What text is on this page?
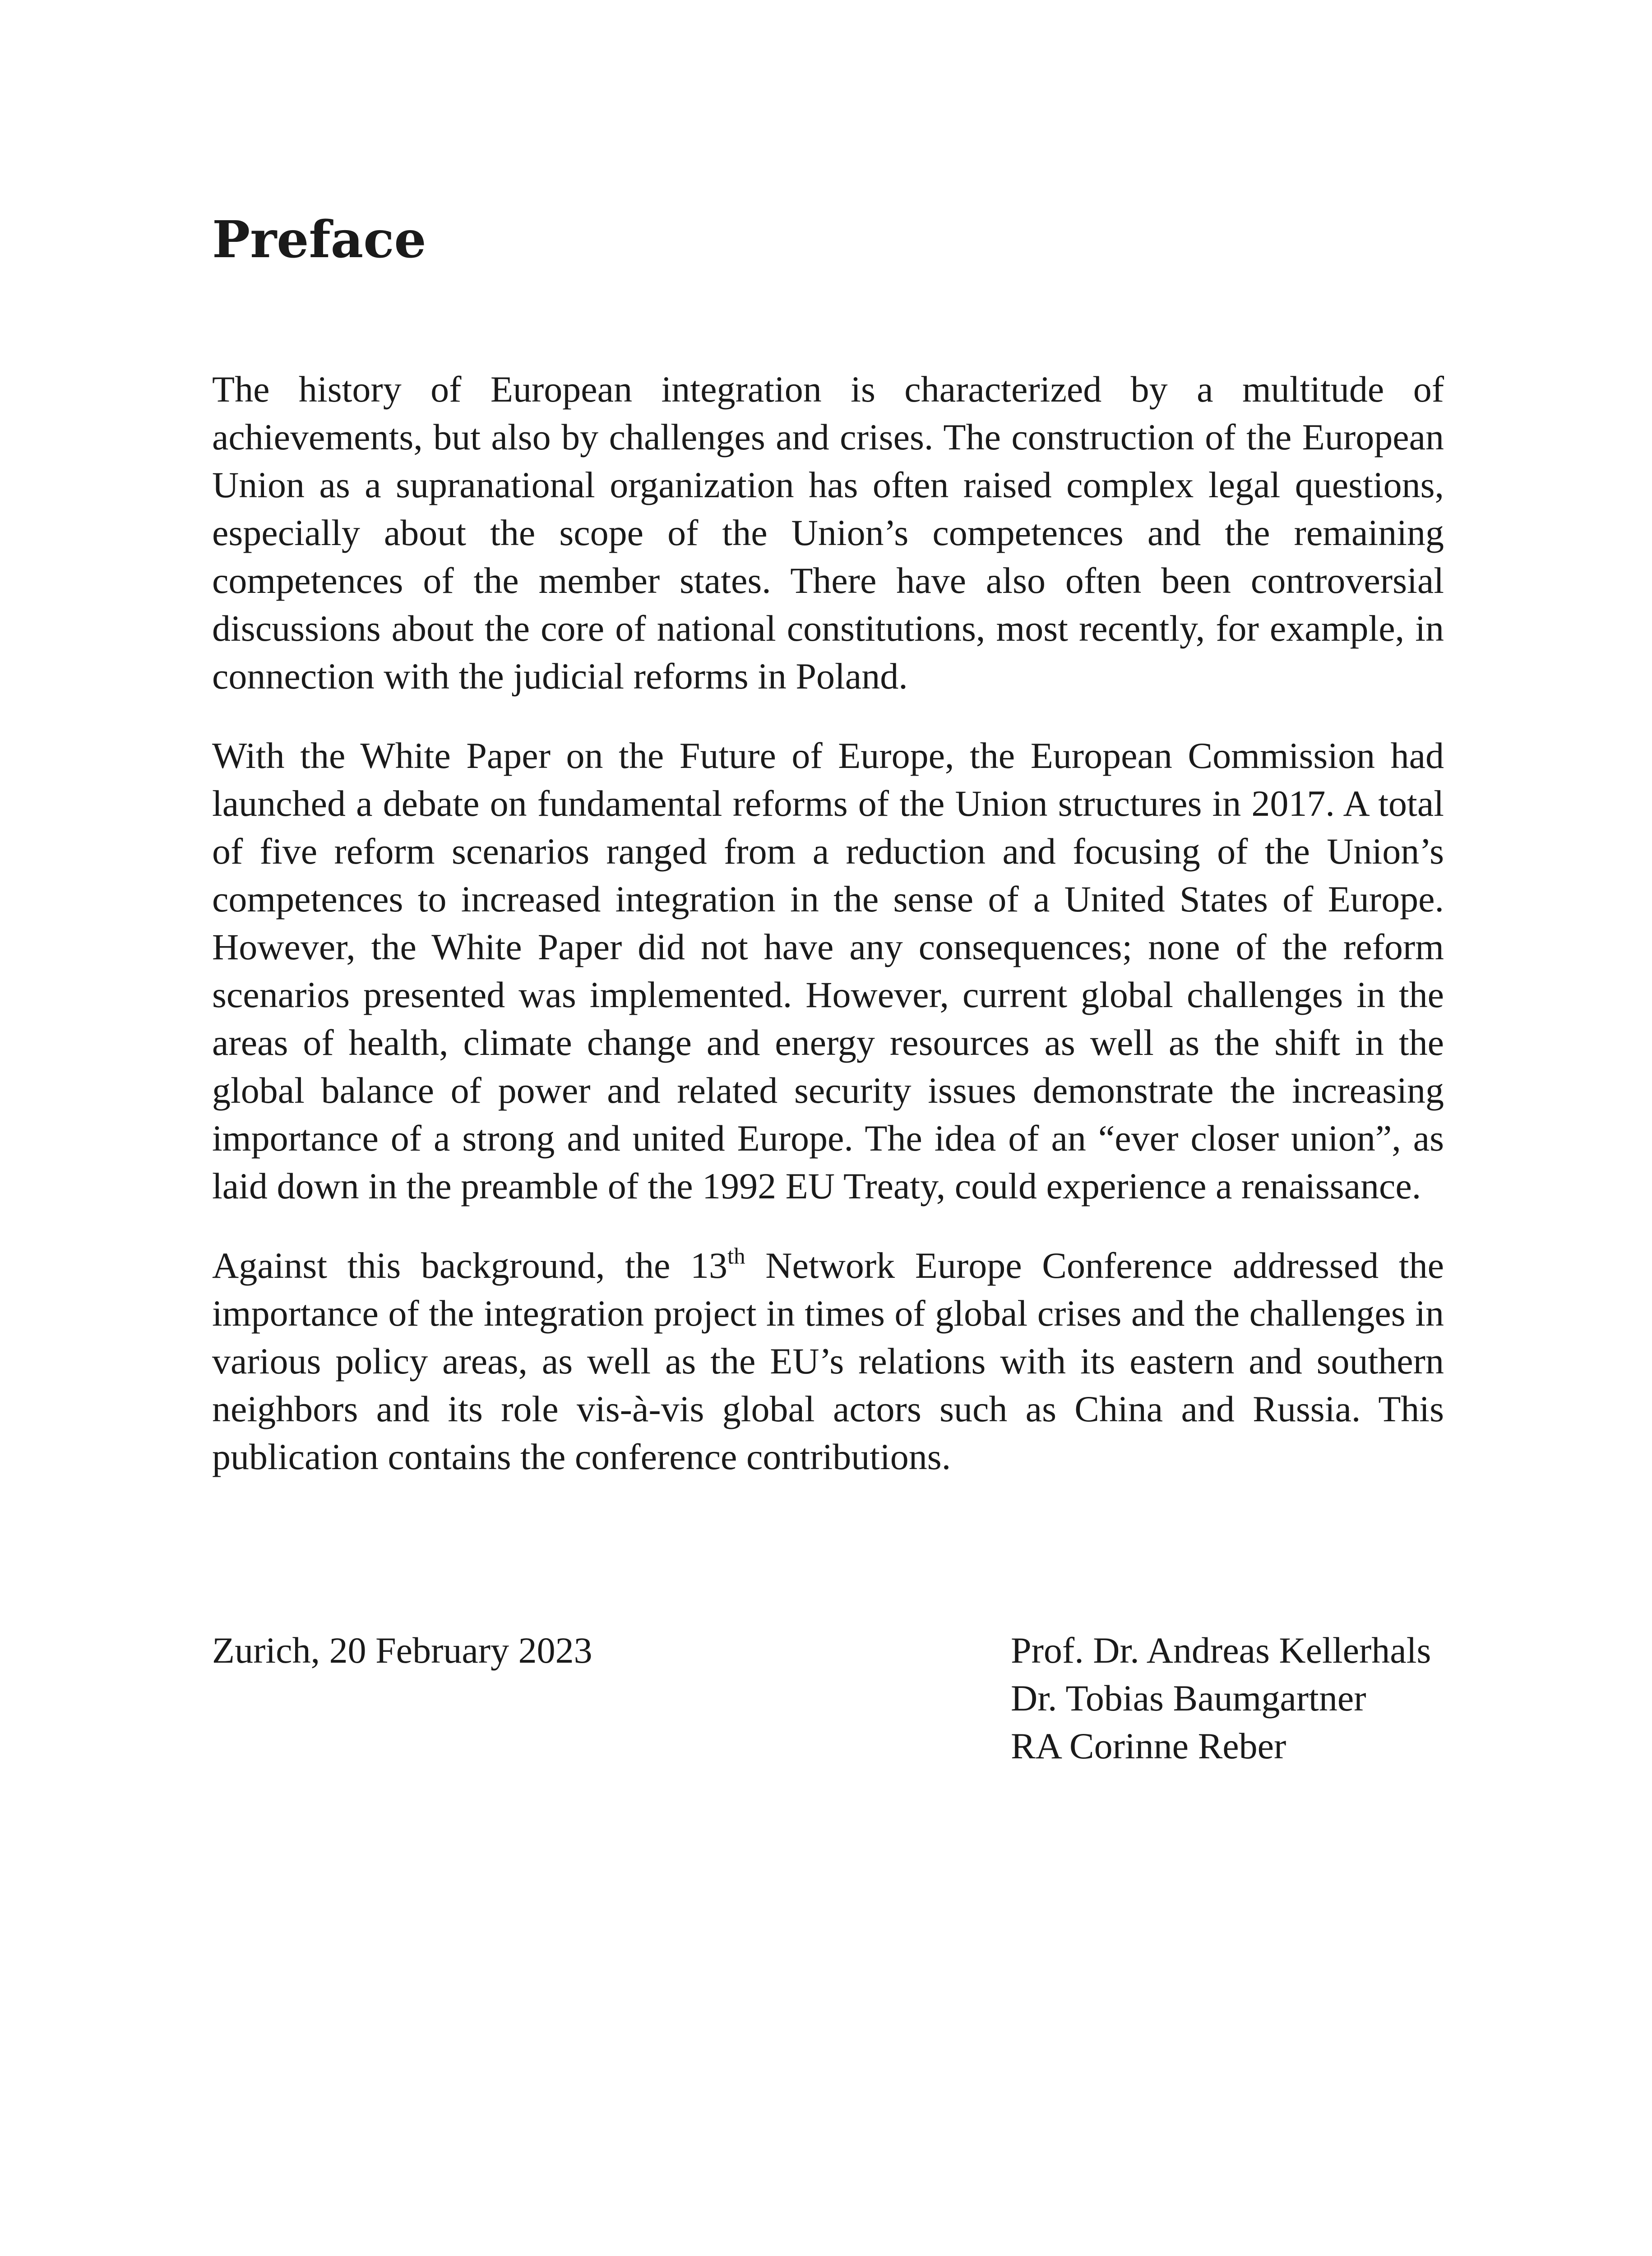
Preface

The history of European integration is characterized by a multitude of achievements, but also by challenges and crises. The construction of the European Union as a supranational organization has often raised complex legal questions, especially about the scope of the Union’s competences and the remaining competences of the member states. There have also often been controversial discussions about the core of national constitutions, most recently, for example, in connection with the judicial reforms in Poland.

With the White Paper on the Future of Europe, the European Commission had launched a debate on fundamental reforms of the Union structures in 2017. A total of five reform scenarios ranged from a reduction and focusing of the Union’s competences to increased integration in the sense of a United States of Europe. However, the White Paper did not have any consequences; none of the reform scenarios presented was implemented. However, current global challenges in the areas of health, climate change and energy resources as well as the shift in the global balance of power and related security issues demonstrate the increasing importance of a strong and united Europe. The idea of an “ever closer union”, as laid down in the preamble of the 1992 EU Treaty, could experience a renaissance.

Against this background, the 13th Network Europe Conference addressed the importance of the integration project in times of global crises and the challenges in various policy areas, as well as the EU’s relations with its eastern and southern neighbors and its role vis-à-vis global actors such as China and Russia. This publication contains the conference contributions.

Zurich, 20 February 2023	Prof. Dr. Andreas Kellerhals
Dr. Tobias Baumgartner
RA Corinne Reber
